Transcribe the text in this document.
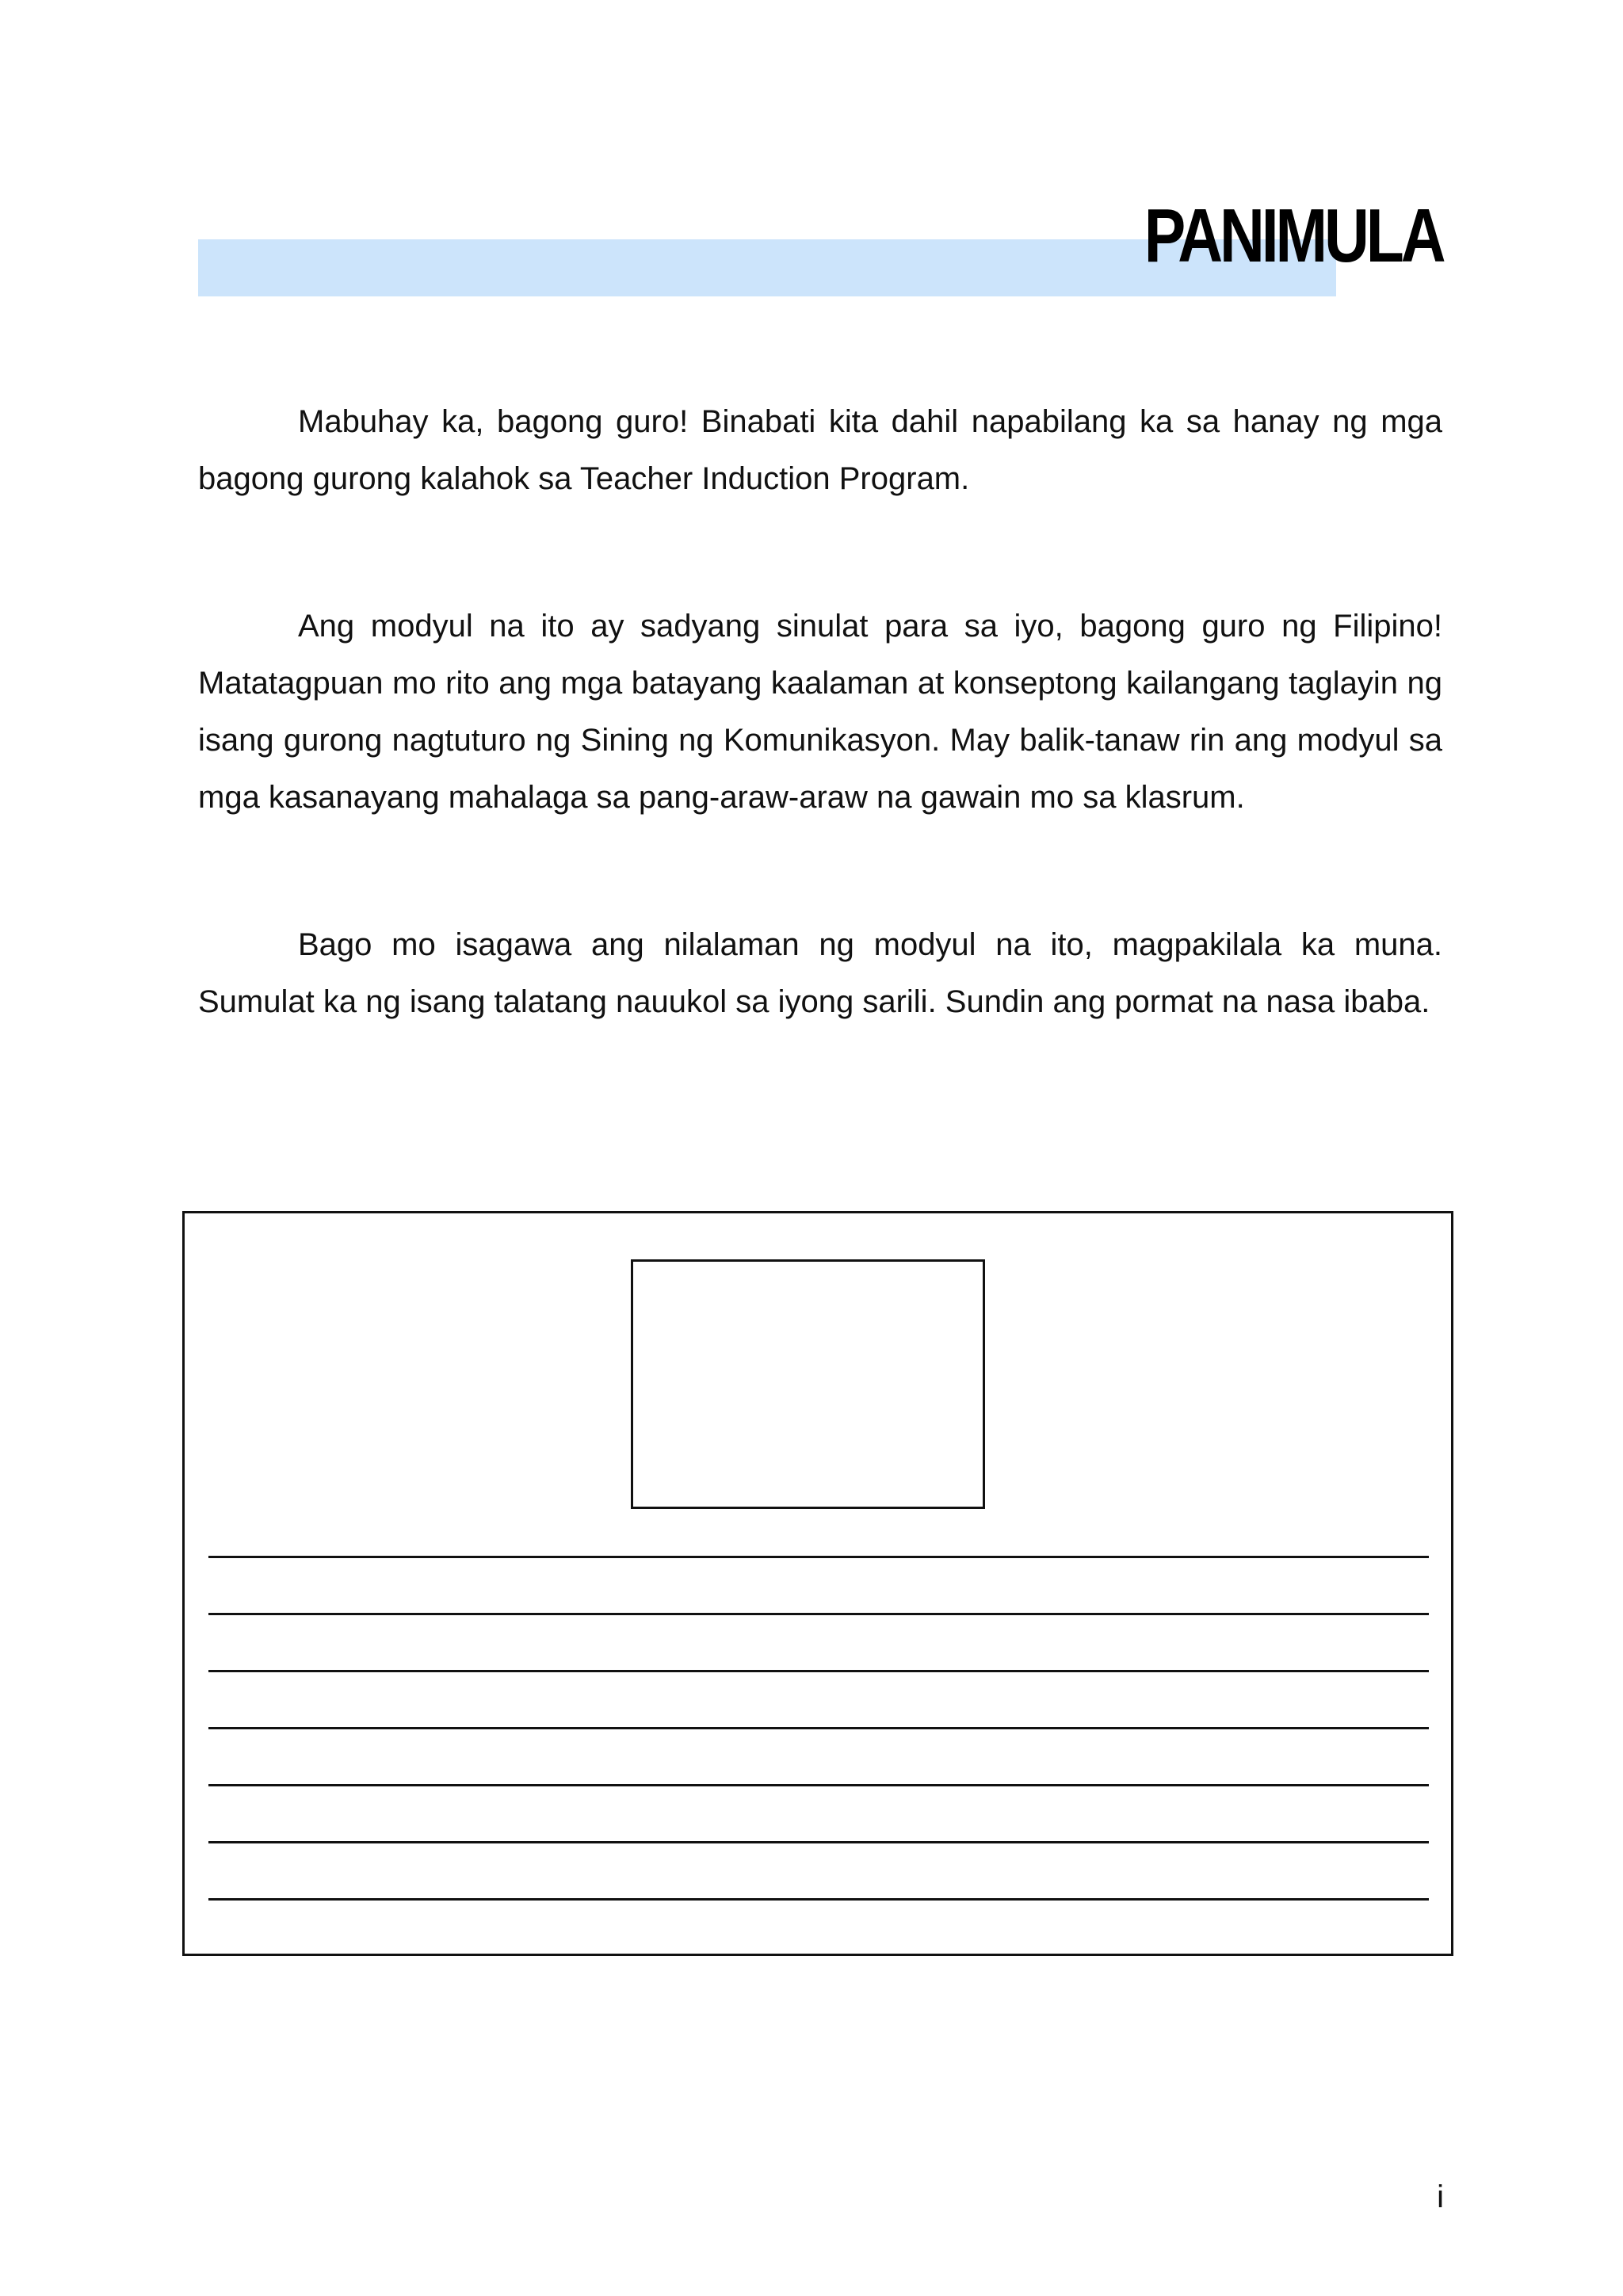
PANIMULA

Mabuhay ka, bagong guro! Binabati kita dahil napabilang ka sa hanay ng mga bagong gurong kalahok sa Teacher Induction Program.

Ang modyul na ito ay sadyang sinulat para sa iyo, bagong guro ng Filipino! Matatagpuan mo rito ang mga batayang kaalaman at konseptong kailangang taglayin ng isang gurong nagtuturo ng Sining ng Komunikasyon. May balik-tanaw rin ang modyul sa mga kasanayang mahalaga sa pang-araw-araw na gawain mo sa klasrum.

Bago mo isagawa ang nilalaman ng modyul na ito, magpakilala ka muna. Sumulat ka ng isang talatang nauukol sa iyong sarili. Sundin ang pormat na nasa ibaba.

i
